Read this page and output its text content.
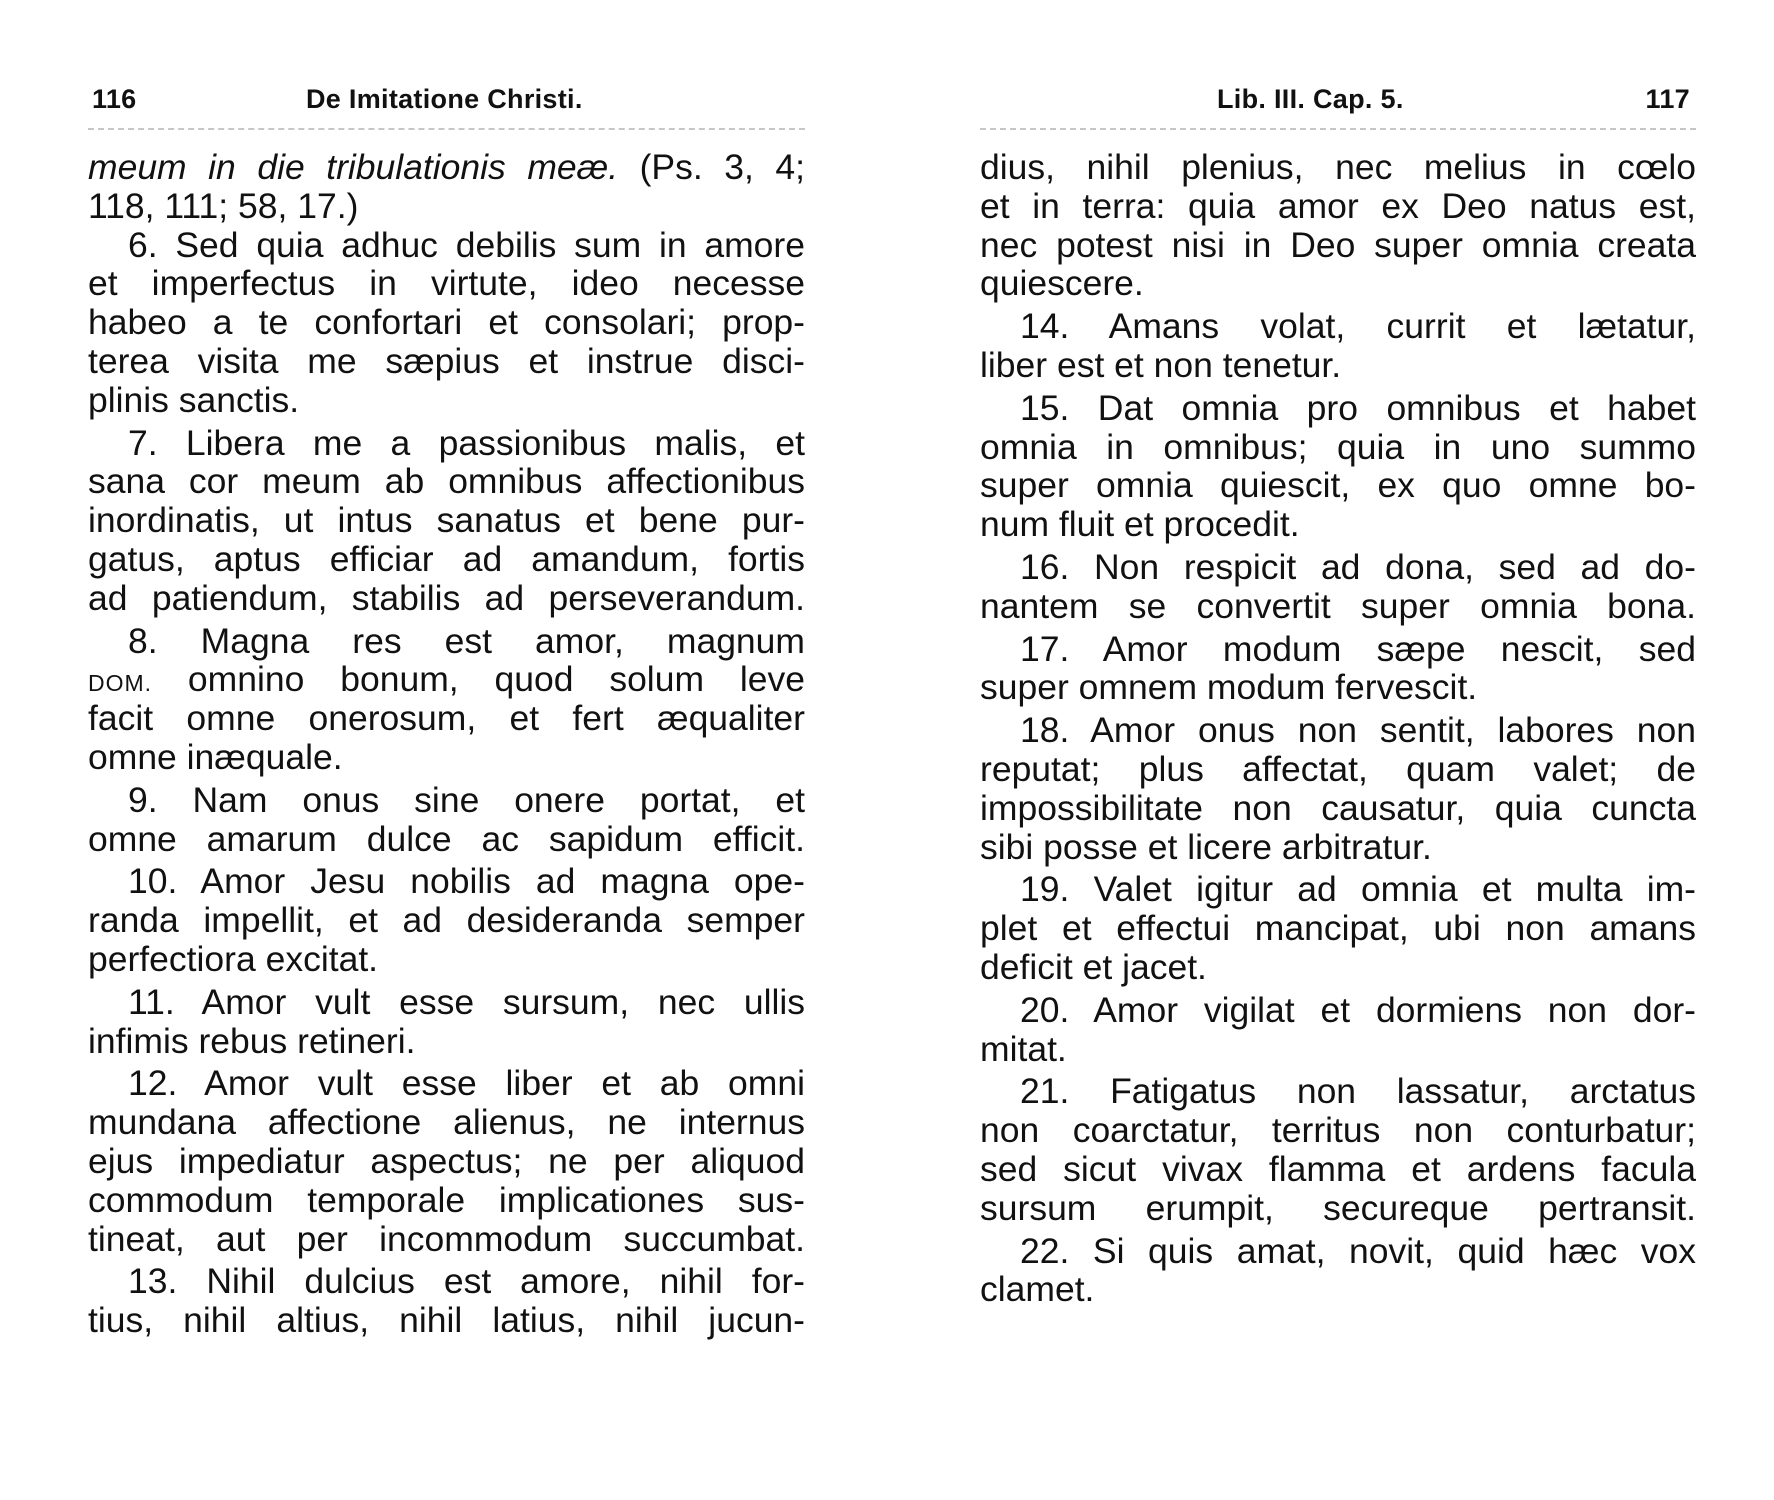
116	De Imitatione Christi.
meum in die tribulationis meæ. (Ps. 3, 4;
118, 111; 58, 17.)
6. Sed quia adhuc debilis sum in amore
et imperfectus in virtute, ideo necesse
habeo a te confortari et consolari; prop-
terea visita me sæpius et instrue disci-
plinis sanctis.
7. Libera me a passionibus malis, et
sana cor meum ab omnibus affectionibus
inordinatis, ut intus sanatus et bene pur-
gatus, aptus efficiar ad amandum, fortis
ad patiendum, stabilis ad perseverandum.
8. Magna res est amor, magnum
DOM. omnino bonum, quod solum leve
facit omne onerosum, et fert æqualiter
omne inæquale.
9. Nam onus sine onere portat, et
omne amarum dulce ac sapidum efficit.
10. Amor Jesu nobilis ad magna ope-
randa impellit, et ad desideranda semper
perfectiora excitat.
11. Amor vult esse sursum, nec ullis
infimis rebus retineri.
12. Amor vult esse liber et ab omni
mundana affectione alienus, ne internus
ejus impediatur aspectus; ne per aliquod
commodum temporale implicationes sus-
tineat, aut per incommodum succumbat.
13. Nihil dulcius est amore, nihil for-
tius, nihil altius, nihil latius, nihil jucun-
Lib. III. Cap. 5.	117
dius, nihil plenius, nec melius in cœlo
et in terra: quia amor ex Deo natus est,
nec potest nisi in Deo super omnia creata
quiescere.
14. Amans volat, currit et lætatur,
liber est et non tenetur.
15. Dat omnia pro omnibus et habet
omnia in omnibus; quia in uno summo
super omnia quiescit, ex quo omne bo-
num fluit et procedit.
16. Non respicit ad dona, sed ad do-
nantem se convertit super omnia bona.
17. Amor modum sæpe nescit, sed
super omnem modum fervescit.
18. Amor onus non sentit, labores non
reputat; plus affectat, quam valet; de
impossibilitate non causatur, quia cuncta
sibi posse et licere arbitratur.
19. Valet igitur ad omnia et multa im-
plet et effectui mancipat, ubi non amans
deficit et jacet.
20. Amor vigilat et dormiens non dor-
mitat.
21. Fatigatus non lassatur, arctatus
non coarctatur, territus non conturbatur;
sed sicut vivax flamma et ardens facula
sursum erumpit, secureque pertransit.
22. Si quis amat, novit, quid hæc vox
clamet.
